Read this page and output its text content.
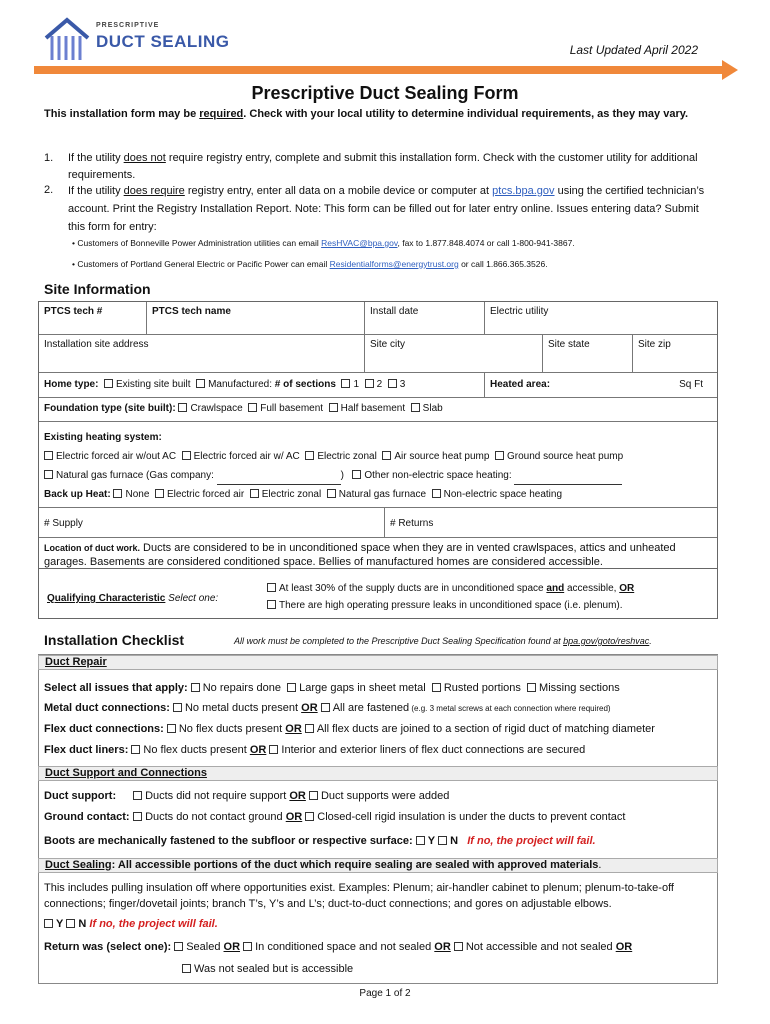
PRESCRIPTIVE
DUCT SEALING	Last Updated April 2022
Prescriptive Duct Sealing Form
This installation form may be required. Check with your local utility to determine individual requirements, as they may vary.
1. If the utility does not require registry entry, complete and submit this installation form. Check with the customer utility for additional requirements.
2. If the utility does require registry entry, enter all data on a mobile device or computer at ptcs.bpa.gov using the certified technician’s account. Print the Registry Installation Report. Note: This form can be filled out for later entry online. Issues entering data? Submit this form for entry:
• Customers of Bonneville Power Administration utilities can email ResHVAC@bpa.gov, fax to 1.877.848.4074 or call 1-800-941-3867.
• Customers of Portland General Electric or Pacific Power can email Residentialforms@energytrust.org or call 1.866.365.3526.
Site Information
PTCS tech #	PTCS tech name	Install date	Electric utility
Installation site address	Site city	Site state	Site zip
Home type: Existing site built Manufactured: # of sections 1 2 3	Heated area:	Sq Ft
Foundation type (site built): Crawlspace Full basement Half basement Slab
Existing heating system:
Electric forced air w/out AC Electric forced air w/ AC Electric zonal Air source heat pump Ground source heat pump
Natural gas furnace (Gas company:	) Other non-electric space heating:
Back up Heat: None Electric forced air Electric zonal Natural gas furnace Non-electric space heating
# Supply	# Returns
Location of duct work. Ducts are considered to be in unconditioned space when they are in vented crawlspaces, attics and unheated garages. Basements are considered conditioned space. Bellies of manufactured homes are considered accessible.
Qualifying Characteristic Select one:
At least 30% of the supply ducts are in unconditioned space and accessible, OR
There are high operating pressure leaks in unconditioned space (i.e. plenum).
Installation Checklist	All work must be completed to the Prescriptive Duct Sealing Specification found at bpa.gov/goto/reshvac.
Duct Repair
Select all issues that apply: No repairs done Large gaps in sheet metal Rusted portions Missing sections
Metal duct connections: No metal ducts present OR All are fastened (e.g. 3 metal screws at each connection where required)
Flex duct connections: No flex ducts present OR All flex ducts are joined to a section of rigid duct of matching diameter
Flex duct liners: No flex ducts present OR Interior and exterior liners of flex duct connections are secured
Duct Support and Connections
Duct support:	Ducts did not require support OR Duct supports were added
Ground contact: Ducts do not contact ground OR Closed-cell rigid insulation is under the ducts to prevent contact
Boots are mechanically fastened to the subfloor or respective surface: Y N If no, the project will fail.
Duct Sealing: All accessible portions of the duct which require sealing are sealed with approved materials.
This includes pulling insulation off where opportunities exist. Examples: Plenum; air-handler cabinet to plenum; plenum-to-take-off connections; finger/dovetail joints; branch T’s, Y’s and L’s; duct-to-duct connections; and gores on adjustable elbows.
Y N If no, the project will fail.
Return was (select one): Sealed OR In conditioned space and not sealed OR Not accessible and not sealed OR
Was not sealed but is accessible
Page 1 of 2
